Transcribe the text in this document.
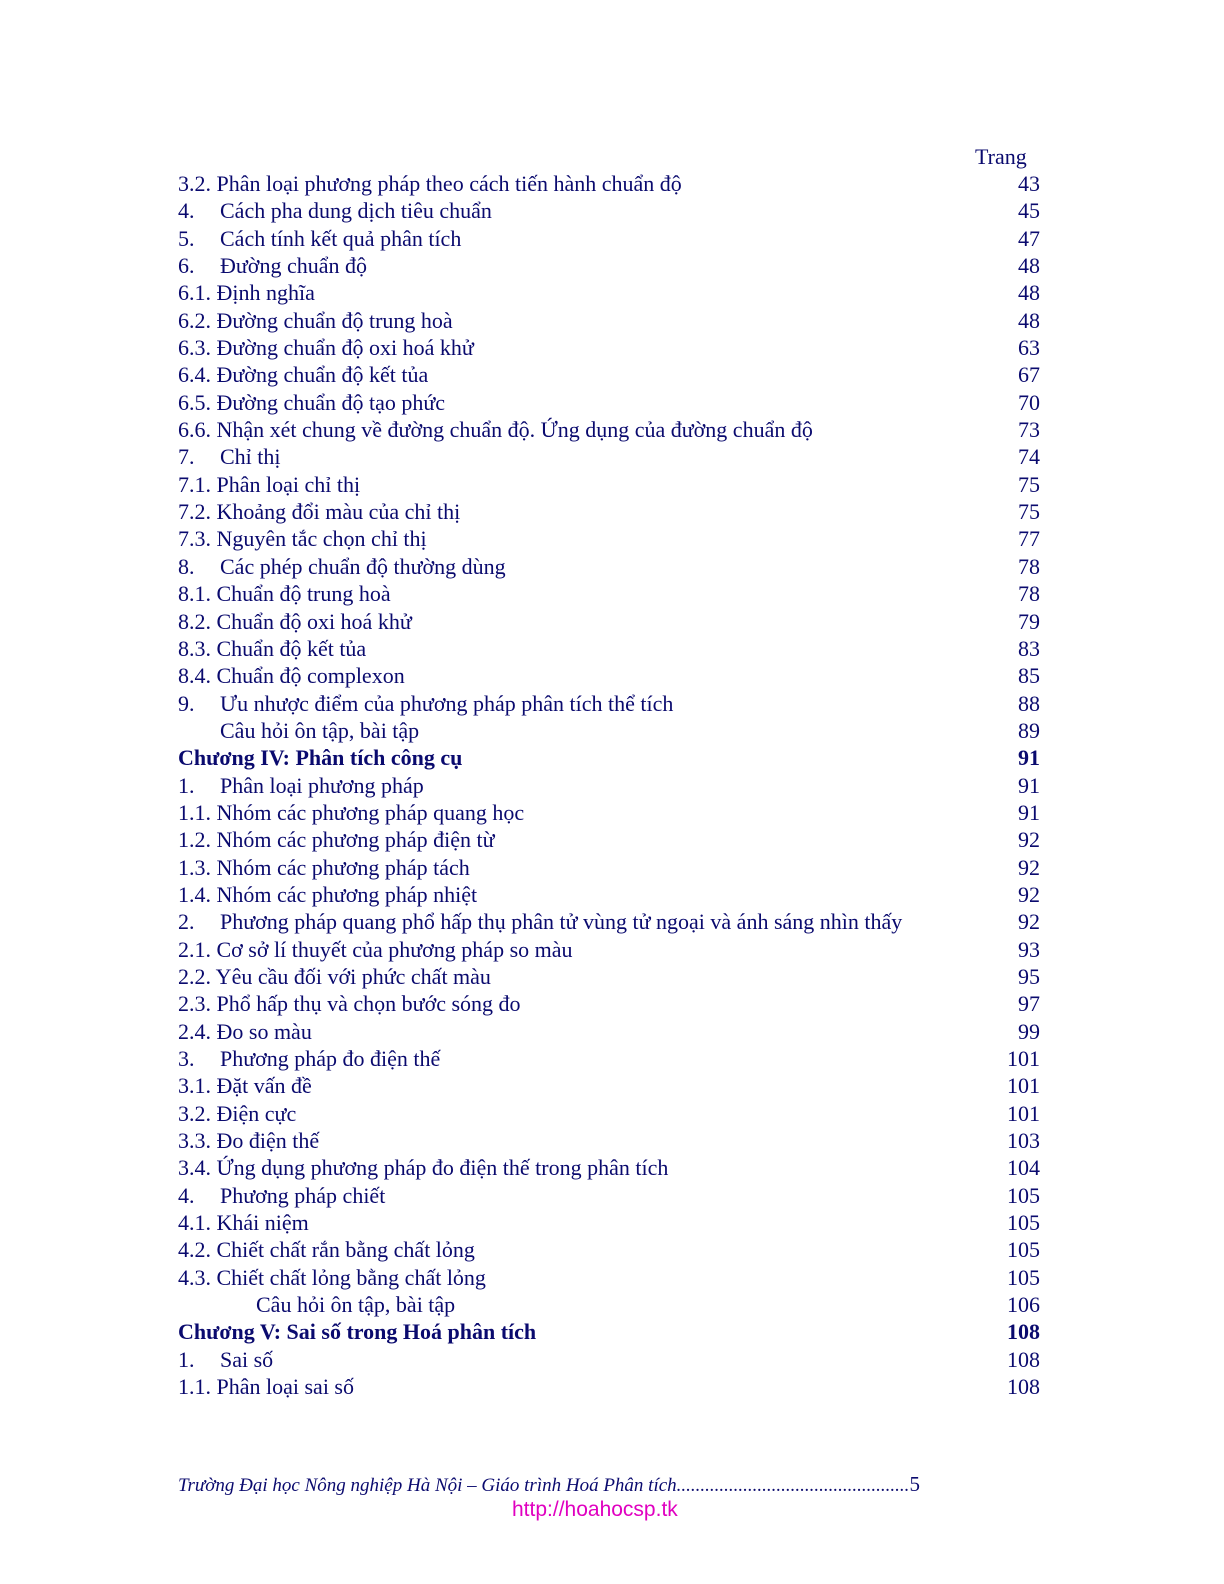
Trang
3.2. Phân loại phương pháp theo cách tiến hành chuẩn độ	43
4. Cách pha dung dịch tiêu chuẩn	45
5. Cách tính kết quả phân tích	47
6. Đường chuẩn độ	48
6.1. Định nghĩa	48
6.2. Đường chuẩn độ trung hoà	48
6.3. Đường chuẩn độ oxi hoá khử	63
6.4. Đường chuẩn độ kết tủa	67
6.5. Đường chuẩn độ tạo phức	70
6.6. Nhận xét chung về đường chuẩn độ. Ứng dụng của đường chuẩn độ	73
7. Chỉ thị	74
7.1. Phân loại chỉ thị	75
7.2. Khoảng đổi màu của chỉ thị	75
7.3. Nguyên tắc chọn chỉ thị	77
8. Các phép chuẩn độ thường dùng	78
8.1. Chuẩn độ trung hoà	78
8.2. Chuẩn độ oxi hoá khử	79
8.3. Chuẩn độ kết tủa	83
8.4. Chuẩn độ complexon	85
9. Ưu nhược điểm của phương pháp phân tích thể tích	88
Câu hỏi ôn tập, bài tập	89
Chương IV: Phân tích công cụ	91
1. Phân loại phương pháp	91
1.1. Nhóm các phương pháp quang học	91
1.2. Nhóm các phương pháp điện từ	92
1.3. Nhóm các phương pháp tách	92
1.4. Nhóm các phương pháp nhiệt	92
2. Phương pháp quang phổ hấp thụ phân tử vùng tử ngoại và ánh sáng nhìn thấy	92
2.1. Cơ sở lí thuyết của phương pháp so màu	93
2.2. Yêu cầu đối với phức chất màu	95
2.3. Phổ hấp thụ và chọn bước sóng đo	97
2.4. Đo so màu	99
3. Phương pháp đo điện thế	101
3.1. Đặt vấn đề	101
3.2. Điện cực	101
3.3. Đo điện thế	103
3.4. Ứng dụng phương pháp đo điện thế trong phân tích	104
4. Phương pháp chiết	105
4.1. Khái niệm	105
4.2. Chiết chất rắn bằng chất lỏng	105
4.3. Chiết chất lỏng bằng chất lỏng	105
Câu hỏi ôn tập, bài tập	106
Chương V: Sai số trong Hoá phân tích	108
1. Sai số	108
1.1. Phân loại sai số	108
Trường Đại học Nông nghiệp Hà Nội – Giáo trình Hoá Phân tích.................................................5
http://hoahocsp.tk
